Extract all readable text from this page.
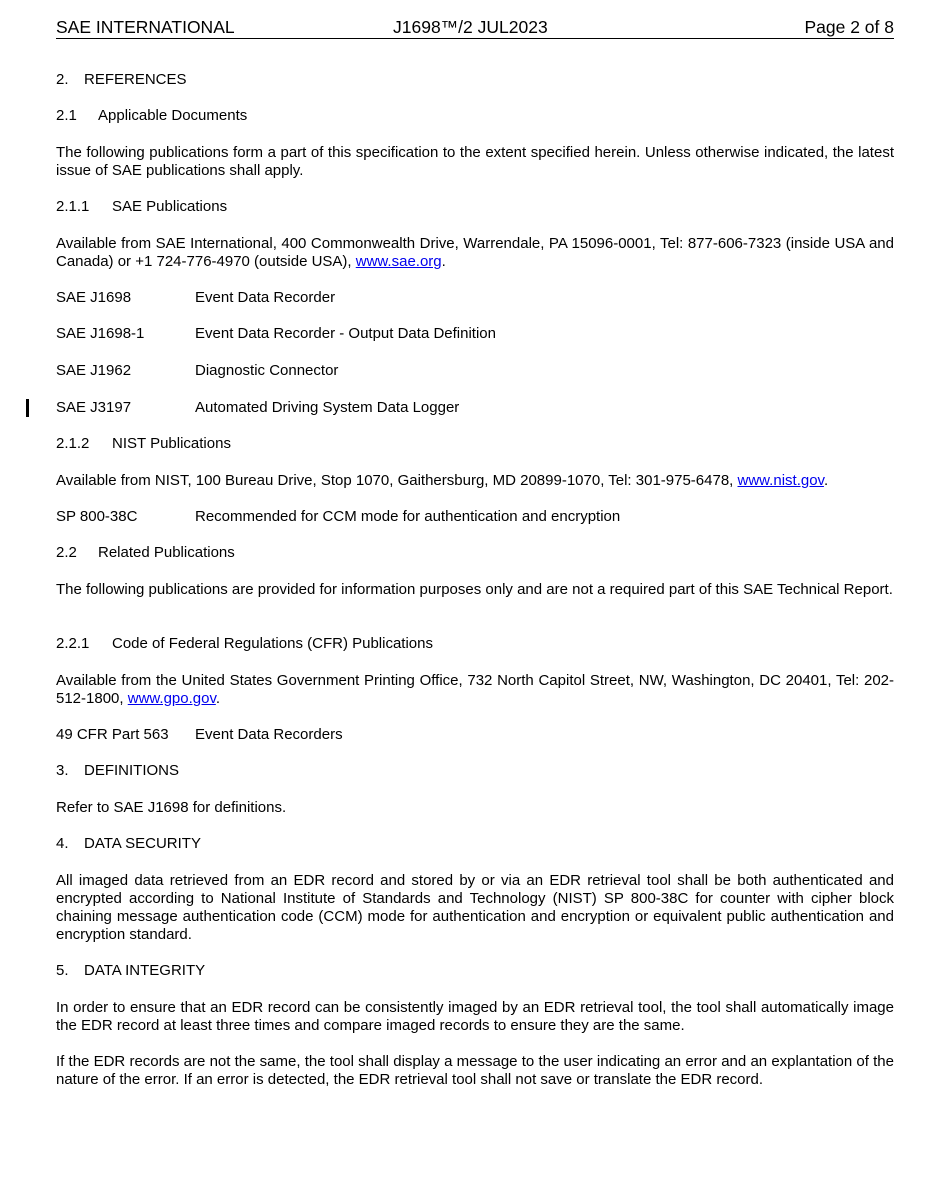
SAE INTERNATIONAL	J1698™/2 JUL2023	Page 2 of 8
2. REFERENCES
2.1 Applicable Documents
The following publications form a part of this specification to the extent specified herein. Unless otherwise indicated, the latest issue of SAE publications shall apply.
2.1.1 SAE Publications
Available from SAE International, 400 Commonwealth Drive, Warrendale, PA 15096-0001, Tel: 877-606-7323 (inside USA and Canada) or +1 724-776-4970 (outside USA), www.sae.org.
SAE J1698	Event Data Recorder
SAE J1698-1	Event Data Recorder - Output Data Definition
SAE J1962	Diagnostic Connector
SAE J3197	Automated Driving System Data Logger
2.1.2 NIST Publications
Available from NIST, 100 Bureau Drive, Stop 1070, Gaithersburg, MD 20899-1070, Tel: 301-975-6478, www.nist.gov.
SP 800-38C	Recommended for CCM mode for authentication and encryption
2.2 Related Publications
The following publications are provided for information purposes only and are not a required part of this SAE Technical Report.
2.2.1 Code of Federal Regulations (CFR) Publications
Available from the United States Government Printing Office, 732 North Capitol Street, NW, Washington, DC 20401, Tel: 202-512-1800, www.gpo.gov.
49 CFR Part 563 Event Data Recorders
3. DEFINITIONS
Refer to SAE J1698 for definitions.
4. DATA SECURITY
All imaged data retrieved from an EDR record and stored by or via an EDR retrieval tool shall be both authenticated and encrypted according to National Institute of Standards and Technology (NIST) SP 800-38C for counter with cipher block chaining message authentication code (CCM) mode for authentication and encryption or equivalent public authentication and encryption standard.
5. DATA INTEGRITY
In order to ensure that an EDR record can be consistently imaged by an EDR retrieval tool, the tool shall automatically image the EDR record at least three times and compare imaged records to ensure they are the same.
If the EDR records are not the same, the tool shall display a message to the user indicating an error and an explantation of the nature of the error. If an error is detected, the EDR retrieval tool shall not save or translate the EDR record.
